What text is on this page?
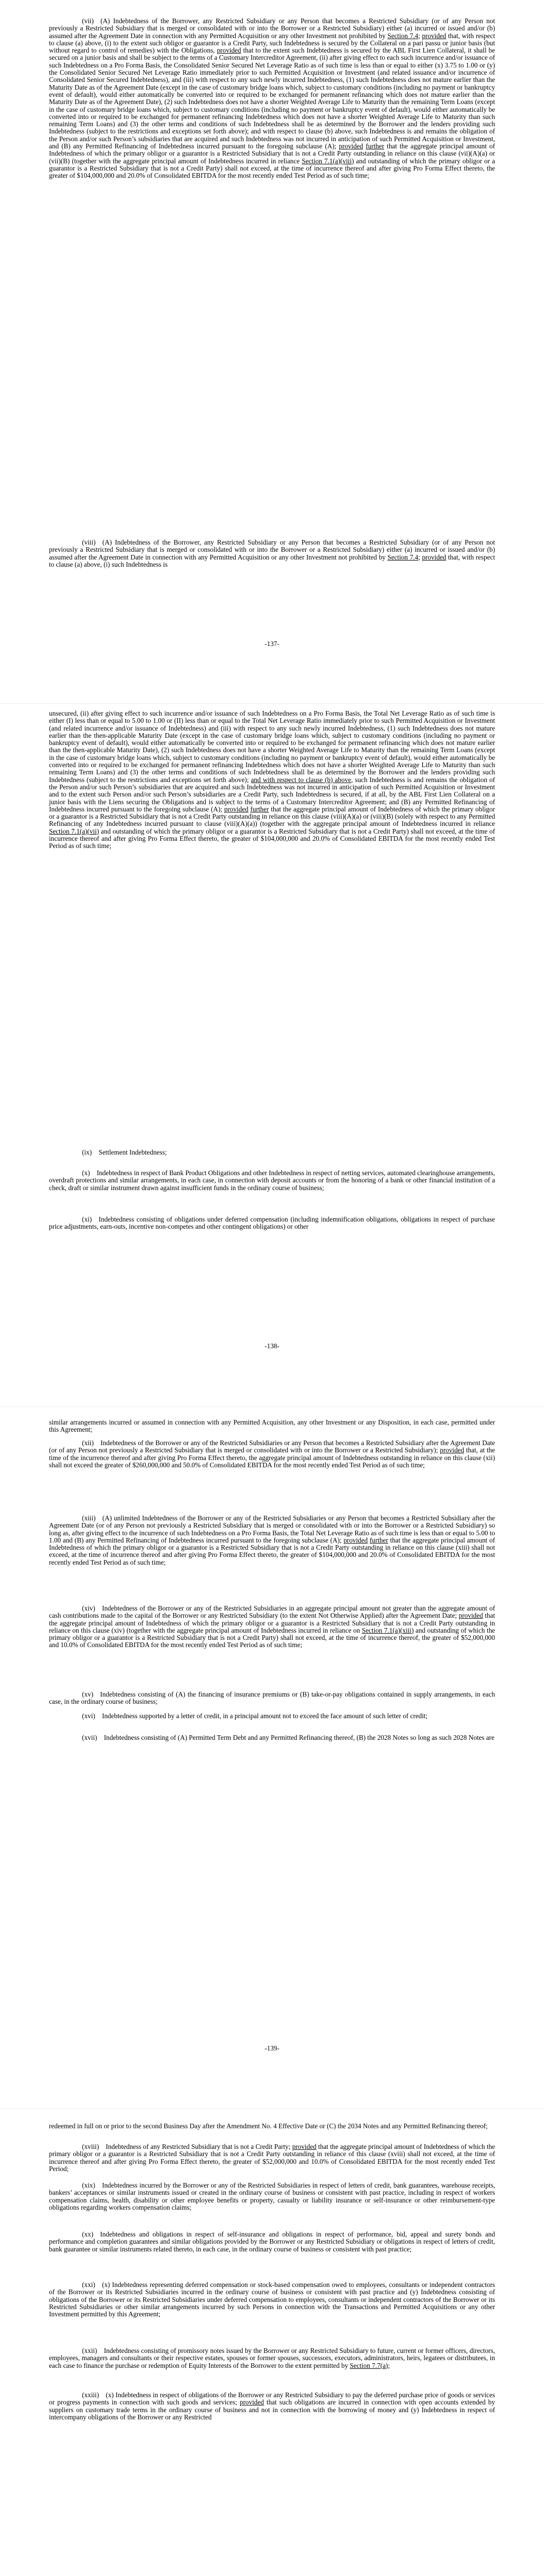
(vii) (A) Indebtedness of the Borrower, any Restricted Subsidiary or any Person that becomes a Restricted Subsidiary (or of any Person not previously a Restricted Subsidiary that is merged or consolidated with or into the Borrower or a Restricted Subsidiary) either (a) incurred or issued and/or (b) assumed after the Agreement Date in connection with any Permitted Acquisition or any other Investment not prohibited by Section 7.4; provided that, with respect to clause (a) above, (i) to the extent such obligor or guarantor is a Credit Party, such Indebtedness is secured by the Collateral on a pari passu or junior basis (but without regard to control of remedies) with the Obligations, provided that to the extent such Indebtedness is secured by the ABL First Lien Collateral, it shall be secured on a junior basis and shall be subject to the terms of a Customary Intercreditor Agreement, (ii) after giving effect to each such incurrence and/or issuance of such Indebtedness on a Pro Forma Basis, the Consolidated Senior Secured Net Leverage Ratio as of such time is less than or equal to either (x) 3.75 to 1.00 or (y) the Consolidated Senior Secured Net Leverage Ratio immediately prior to such Permitted Acquisition or Investment (and related issuance and/or incurrence of Consolidated Senior Secured Indebtedness), and (iii) with respect to any such newly incurred Indebtedness, (1) such Indebtedness does not mature earlier than the Maturity Date as of the Agreement Date (except in the case of customary bridge loans which, subject to customary conditions (including no payment or bankruptcy event of default), would either automatically be converted into or required to be exchanged for permanent refinancing which does not mature earlier than the Maturity Date as of the Agreement Date), (2) such Indebtedness does not have a shorter Weighted Average Life to Maturity than the remaining Term Loans (except in the case of customary bridge loans which, subject to customary conditions (including no payment or bankruptcy event of default), would either automatically be converted into or required to be exchanged for permanent refinancing Indebtedness which does not have a shorter Weighted Average Life to Maturity than such remaining Term Loans) and (3) the other terms and conditions of such Indebtedness shall be as determined by the Borrower and the lenders providing such Indebtedness (subject to the restrictions and exceptions set forth above); and with respect to clause (b) above, such Indebtedness is and remains the obligation of the Person and/or such Person’s subsidiaries that are acquired and such Indebtedness was not incurred in anticipation of such Permitted Acquisition or Investment, and (B) any Permitted Refinancing of Indebtedness incurred pursuant to the foregoing subclause (A); provided further that the aggregate principal amount of Indebtedness of which the primary obligor or a guarantor is a Restricted Subsidiary that is not a Credit Party outstanding in reliance on this clause (vii)(A)(a) or (vii)(B) (together with the aggregate principal amount of Indebtedness incurred in reliance Section 7.1(a)(viii) and outstanding of which the primary obligor or a guarantor is a Restricted Subsidiary that is not a Credit Party) shall not exceed, at the time of incurrence thereof and after giving Pro Forma Effect thereto, the greater of $104,000,000 and 20.0% of Consolidated EBITDA for the most recently ended Test Period as of such time;

(viii) (A) Indebtedness of the Borrower, any Restricted Subsidiary or any Person that becomes a Restricted Subsidiary (or of any Person not previously a Restricted Subsidiary that is merged or consolidated with or into the Borrower or a Restricted Subsidiary) either (a) incurred or issued and/or (b) assumed after the Agreement Date in connection with any Permitted Acquisition or any other Investment not prohibited by Section 7.4; provided that, with respect to clause (a) above, (i) such Indebtedness is

-137-

unsecured, (ii) after giving effect to such incurrence and/or issuance of such Indebtedness on a Pro Forma Basis, the Total Net Leverage Ratio as of such time is either (I) less than or equal to 5.00 to 1.00 or (II) less than or equal to the Total Net Leverage Ratio immediately prior to such Permitted Acquisition or Investment (and related incurrence and/or issuance of Indebtedness) and (iii) with respect to any such newly incurred Indebtedness, (1) such Indebtedness does not mature earlier than the then-applicable Maturity Date (except in the case of customary bridge loans which, subject to customary conditions (including no payment or bankruptcy event of default), would either automatically be converted into or required to be exchanged for permanent refinancing which does not mature earlier than the then-applicable Maturity Date), (2) such Indebtedness does not have a shorter Weighted Average Life to Maturity than the remaining Term Loans (except in the case of customary bridge loans which, subject to customary conditions (including no payment or bankruptcy event of default), would either automatically be converted into or required to be exchanged for permanent refinancing Indebtedness which does not have a shorter Weighted Average Life to Maturity than such remaining Term Loans) and (3) the other terms and conditions of such Indebtedness shall be as determined by the Borrower and the lenders providing such Indebtedness (subject to the restrictions and exceptions set forth above); and with respect to clause (b) above, such Indebtedness is and remains the obligation of the Person and/or such Person’s subsidiaries that are acquired and such Indebtedness was not incurred in anticipation of such Permitted Acquisition or Investment and to the extent such Person and/or such Person’s subsidiaries are a Credit Party, such Indebtedness is secured, if at all, by the ABL First Lien Collateral on a junior basis with the Liens securing the Obligations and is subject to the terms of a Customary Intercreditor Agreement; and (B) any Permitted Refinancing of Indebtedness incurred pursuant to the foregoing subclause (A); provided further that the aggregate principal amount of Indebtedness of which the primary obligor or a guarantor is a Restricted Subsidiary that is not a Credit Party outstanding in reliance on this clause (viii)(A)(a) or (viii)(B) (solely with respect to any Permitted Refinancing of any Indebtedness incurred pursuant to clause (viii)(A)(a)) (together with the aggregate principal amount of Indebtedness incurred in reliance Section 7.1(a)(vii) and outstanding of which the primary obligor or a guarantor is a Restricted Subsidiary that is not a Credit Party) shall not exceed, at the time of incurrence thereof and after giving Pro Forma Effect thereto, the greater of $104,000,000 and 20.0% of Consolidated EBITDA for the most recently ended Test Period as of such time;

(ix) Settlement Indebtedness;

(x) Indebtedness in respect of Bank Product Obligations and other Indebtedness in respect of netting services, automated clearinghouse arrangements, overdraft protections and similar arrangements, in each case, in connection with deposit accounts or from the honoring of a bank or other financial institution of a check, draft or similar instrument drawn against insufficient funds in the ordinary course of business;

(xi) Indebtedness consisting of obligations under deferred compensation (including indemnification obligations, obligations in respect of purchase price adjustments, earn-outs, incentive non-competes and other contingent obligations) or other

-138-

similar arrangements incurred or assumed in connection with any Permitted Acquisition, any other Investment or any Disposition, in each case, permitted under this Agreement;

(xii) Indebtedness of the Borrower or any of the Restricted Subsidiaries or any Person that becomes a Restricted Subsidiary after the Agreement Date (or of any Person not previously a Restricted Subsidiary that is merged or consolidated with or into the Borrower or a Restricted Subsidiary); provided that, at the time of the incurrence thereof and after giving Pro Forma Effect thereto, the aggregate principal amount of Indebtedness outstanding in reliance on this clause (xii) shall not exceed the greater of $260,000,000 and 50.0% of Consolidated EBITDA for the most recently ended Test Period as of such time;

(xiii) (A) unlimited Indebtedness of the Borrower or any of the Restricted Subsidiaries or any Person that becomes a Restricted Subsidiary after the Agreement Date (or of any Person not previously a Restricted Subsidiary that is merged or consolidated with or into the Borrower or a Restricted Subsidiary) so long as, after giving effect to the incurrence of such Indebtedness on a Pro Forma Basis, the Total Net Leverage Ratio as of such time is less than or equal to 5.00 to 1.00 and (B) any Permitted Refinancing of Indebtedness incurred pursuant to the foregoing subclause (A); provided further that the aggregate principal amount of Indebtedness of which the primary obligor or a guarantor is a Restricted Subsidiary that is not a Credit Party outstanding in reliance on this clause (xiii) shall not exceed, at the time of incurrence thereof and after giving Pro Forma Effect thereto, the greater of $104,000,000 and 20.0% of Consolidated EBITDA for the most recently ended Test Period as of such time;

(xiv) Indebtedness of the Borrower or any of the Restricted Subsidiaries in an aggregate principal amount not greater than the aggregate amount of cash contributions made to the capital of the Borrower or any Restricted Subsidiary (to the extent Not Otherwise Applied) after the Agreement Date; provided that the aggregate principal amount of Indebtedness of which the primary obligor or a guarantor is a Restricted Subsidiary that is not a Credit Party outstanding in reliance on this clause (xiv) (together with the aggregate principal amount of Indebtedness incurred in reliance on Section 7.1(a)(xiii) and outstanding of which the primary obligor or a guarantor is a Restricted Subsidiary that is not a Credit Party) shall not exceed, at the time of incurrence thereof, the greater of $52,000,000 and 10.0% of Consolidated EBITDA for the most recently ended Test Period as of such time;

(xv) Indebtedness consisting of (A) the financing of insurance premiums or (B) take-or-pay obligations contained in supply arrangements, in each case, in the ordinary course of business;

(xvi) Indebtedness supported by a letter of credit, in a principal amount not to exceed the face amount of such letter of credit;

(xvii) Indebtedness consisting of (A) Permitted Term Debt and any Permitted Refinancing thereof, (B) the 2028 Notes so long as such 2028 Notes are

-139-

redeemed in full on or prior to the second Business Day after the Amendment No. 4 Effective Date or (C) the 2034 Notes and any Permitted Refinancing thereof;

(xviii) Indebtedness of any Restricted Subsidiary that is not a Credit Party; provided that the aggregate principal amount of Indebtedness of which the primary obligor or a guarantor is a Restricted Subsidiary that is not a Credit Party outstanding in reliance of this clause (xviii) shall not exceed, at the time of incurrence thereof and after giving Pro Forma Effect thereto, the greater of $52,000,000 and 10.0% of Consolidated EBITDA for the most recently ended Test Period;

(xix) Indebtedness incurred by the Borrower or any of the Restricted Subsidiaries in respect of letters of credit, bank guarantees, warehouse receipts, bankers’ acceptances or similar instruments issued or created in the ordinary course of business or consistent with past practice, including in respect of workers compensation claims, health, disability or other employee benefits or property, casualty or liability insurance or self-insurance or other reimbursement-type obligations regarding workers compensation claims;

(xx) Indebtedness and obligations in respect of self-insurance and obligations in respect of performance, bid, appeal and surety bonds and performance and completion guarantees and similar obligations provided by the Borrower or any Restricted Subsidiary or obligations in respect of letters of credit, bank guarantee or similar instruments related thereto, in each case, in the ordinary course of business or consistent with past practice;

(xxi) (x) Indebtedness representing deferred compensation or stock-based compensation owed to employees, consultants or independent contractors of the Borrower or its Restricted Subsidiaries incurred in the ordinary course of business or consistent with past practice and (y) Indebtedness consisting of obligations of the Borrower or its Restricted Subsidiaries under deferred compensation to employees, consultants or independent contractors of the Borrower or its Restricted Subsidiaries or other similar arrangements incurred by such Persons in connection with the Transactions and Permitted Acquisitions or any other Investment permitted by this Agreement;

(xxii) Indebtedness consisting of promissory notes issued by the Borrower or any Restricted Subsidiary to future, current or former officers, directors, employees, managers and consultants or their respective estates, spouses or former spouses, successors, executors, administrators, heirs, legatees or distributees, in each case to finance the purchase or redemption of Equity Interests of the Borrower to the extent permitted by Section 7.7(a);

(xxiii) (x) Indebtedness in respect of obligations of the Borrower or any Restricted Subsidiary to pay the deferred purchase price of goods or services or progress payments in connection with such goods and services; provided that such obligations are incurred in connection with open accounts extended by suppliers on customary trade terms in the ordinary course of business and not in connection with the borrowing of money and (y) Indebtedness in respect of intercompany obligations of the Borrower or any Restricted
